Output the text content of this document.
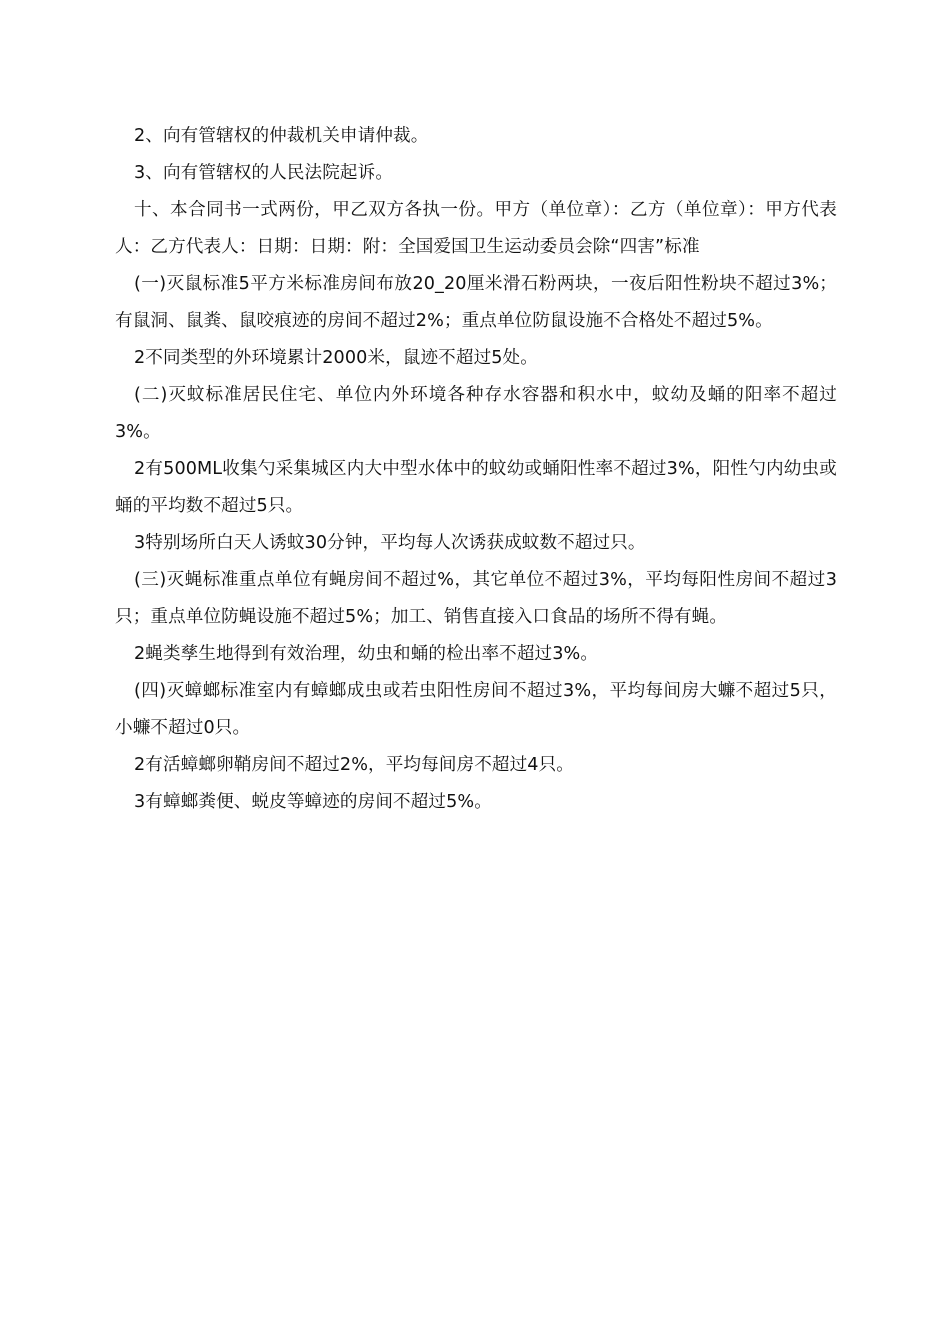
2、向有管辖权的仲裁机关申请仲裁。

3、向有管辖权的人民法院起诉。

十、本合同书一式两份，甲乙双方各执一份。甲方（单位章）：乙方（单位章）：甲方代表人：乙方代表人：日期：日期：附：全国爱国卫生运动委员会除“四害”标准

(一)灭鼠标准5平方米标准房间布放20_20厘米滑石粉两块，一夜后阳性粉块不超过3%；有鼠洞、鼠粪、鼠咬痕迹的房间不超过2%；重点单位防鼠设施不合格处不超过5%。

2不同类型的外环境累计2000米，鼠迹不超过5处。

(二)灭蚊标准居民住宅、单位内外环境各种存水容器和积水中，蚊幼及蛹的阳率不超过3%。

2有500ML收集勺采集城区内大中型水体中的蚊幼或蛹阳性率不超过3%，阳性勺内幼虫或蛹的平均数不超过5只。

3特别场所白天人诱蚊30分钟，平均每人次诱获成蚊数不超过只。

(三)灭蝇标准重点单位有蝇房间不超过%，其它单位不超过3%，平均每阳性房间不超过3只；重点单位防蝇设施不超过5%；加工、销售直接入口食品的场所不得有蝇。

2蝇类孳生地得到有效治理，幼虫和蛹的检出率不超过3%。

(四)灭蟑螂标准室内有蟑螂成虫或若虫阳性房间不超过3%，平均每间房大蠊不超过5只，小蠊不超过0只。

2有活蟑螂卵鞘房间不超过2%，平均每间房不超过4只。

3有蟑螂粪便、蜕皮等蟑迹的房间不超过5%。
